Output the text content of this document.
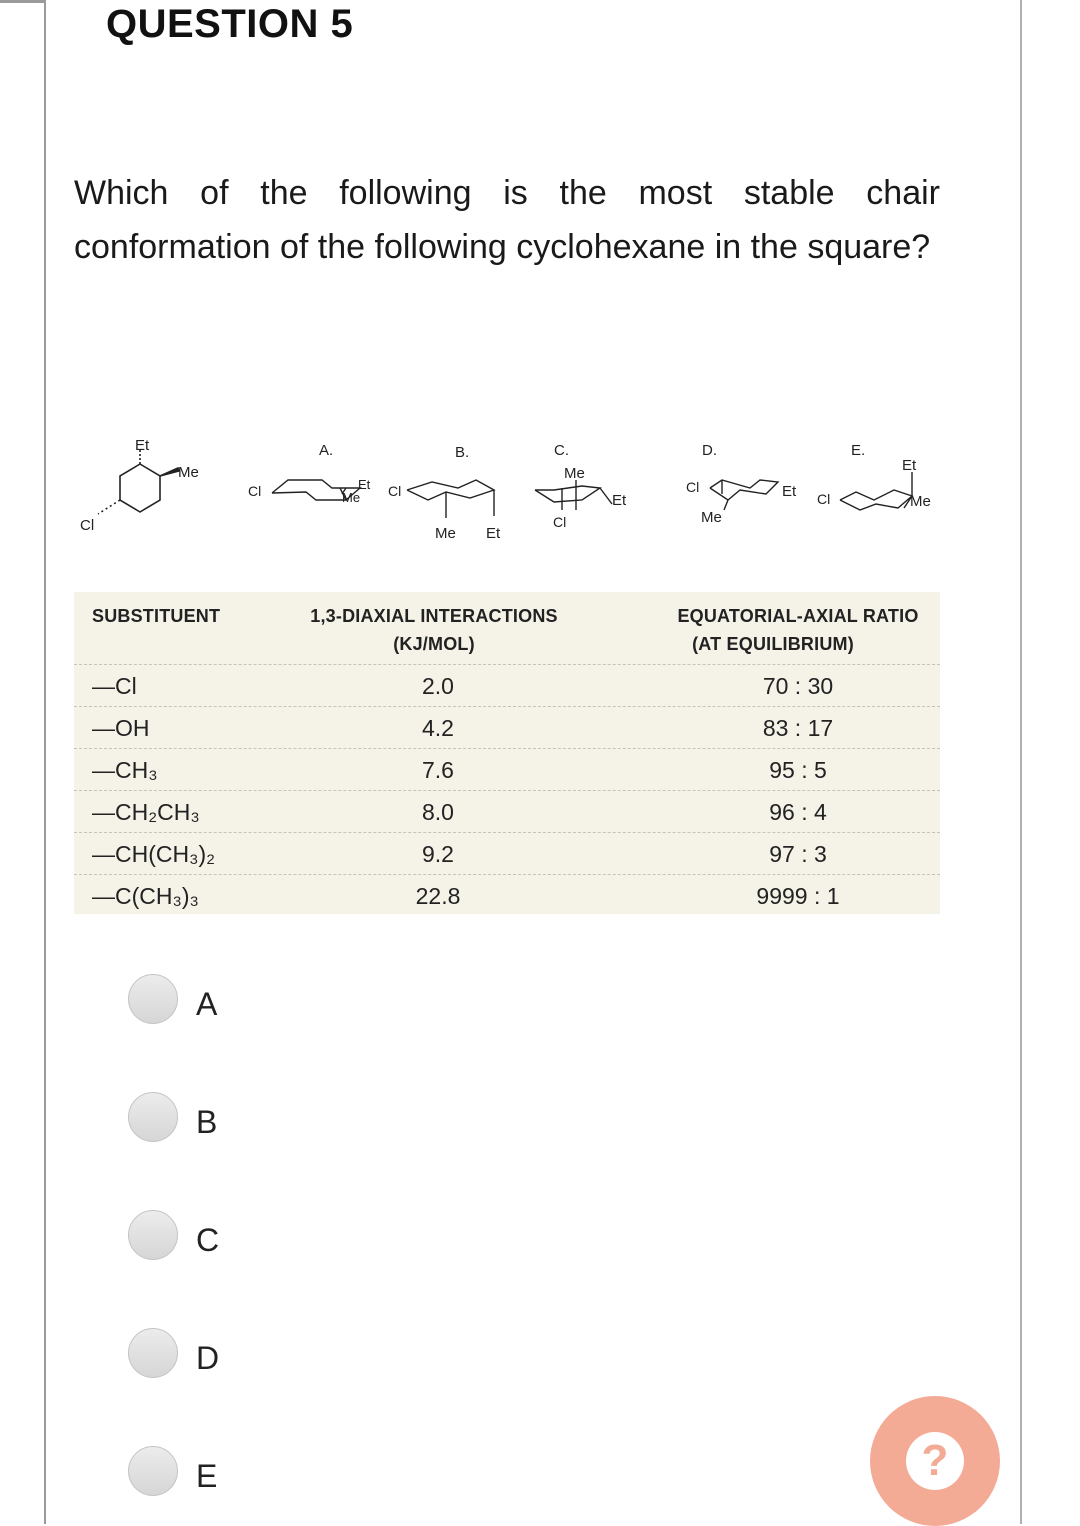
QUESTION 5
Which of the following is the most stable chair conformation of the following cyclohexane in the square?
Et
Me
Cl
A.	B.	C.	D.	E.
Cl	Et
Me Cl
Me Et
Me
Et
Cl
Cl
Me
Et Cl
Et
Me
SUBSTITUENT	1,3-DIAXIAL INTERACTIONS
(KJ/MOL)
EQUATORIAL-AXIAL RATIO
(AT EQUILIBRIUM)
—Cl	2.0	70 : 30
—OH	4.2	83 : 17
—CH₃	7.6	95 : 5
—CH₂CH₃	8.0	96 : 4
—CH(CH₃)₂	9.2	97 : 3
—C(CH₃)₃	22.8	9999 : 1
A
B
C
D
E	?
